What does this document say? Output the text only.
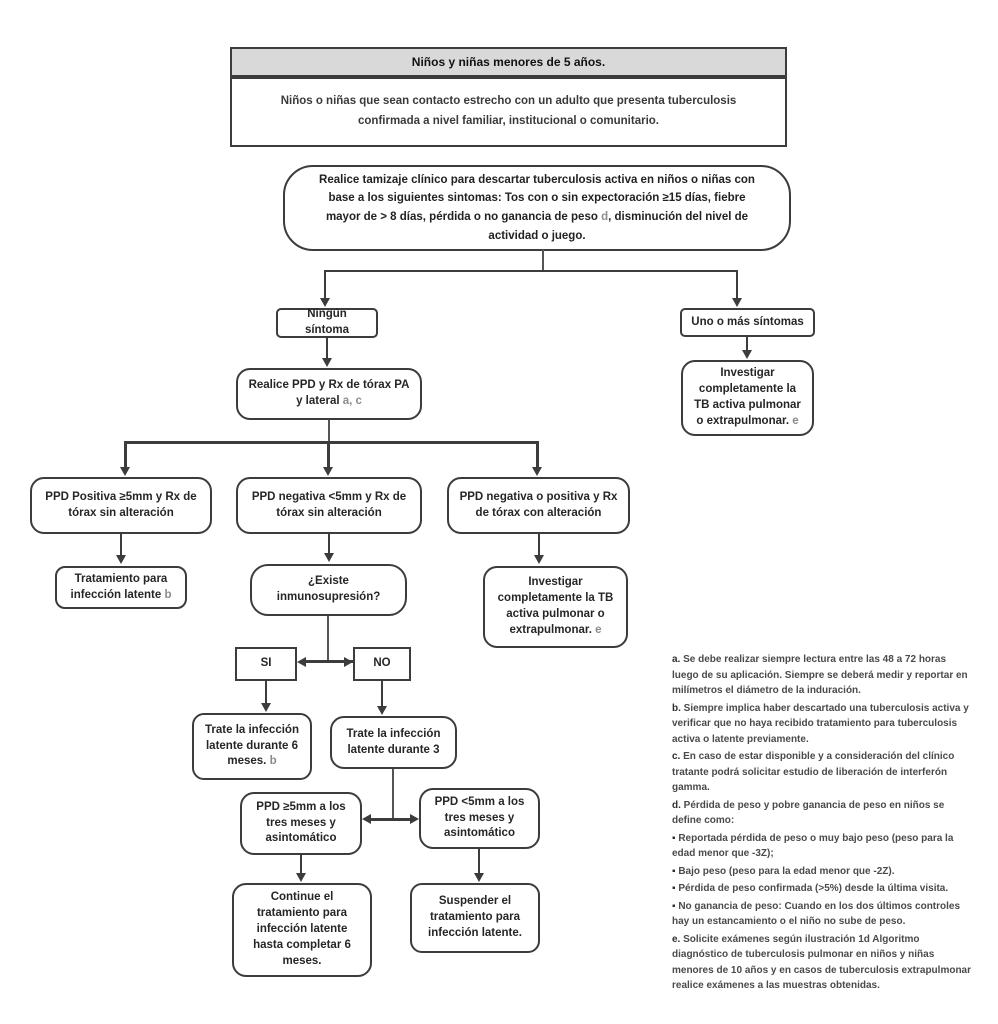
Niños y niñas menores de 5 años.
Niños o niñas que sean contacto estrecho con un adulto que presenta tuberculosis confirmada a nivel familiar, institucional o comunitario.
Realice tamizaje clínico para descartar tuberculosis activa en niños o niñas con base a los siguientes sintomas: Tos con o sin expectoración ≥15 días, fiebre mayor de > 8 días, pérdida o no ganancia de peso d, disminución del nivel de actividad o juego.
Ningún síntoma
Uno o más síntomas
Realice PPD y Rx de tórax PA y lateral a, c
Investigar completamente la TB activa pulmonar o extrapulmonar. e
PPD Positiva ≥5mm y Rx de tórax sin alteración
PPD negativa <5mm y Rx de tórax sin alteración
PPD negativa o positiva y Rx de tórax con alteración
Tratamiento para infección latente b
¿Existe inmunosupresión?
Investigar completamente la TB activa pulmonar o extrapulmonar. e
SI	NO
Trate la infección latente durante 6 meses. b
Trate la infección latente durante 3
PPD ≥5mm a los tres meses y asintomático
PPD <5mm a los tres meses y asintomático
Continue el tratamiento para infección latente hasta completar 6 meses.
Suspender el tratamiento para infección latente.
a. Se debe realizar siempre lectura entre las 48 a 72 horas luego de su aplicación. Siempre se deberá medir y reportar en milímetros el diámetro de la induración.
b. Siempre implica haber descartado una tuberculosis activa y verificar que no haya recibido tratamiento para tuberculosis activa o latente previamente.
c. En caso de estar disponible y a consideración del clínico tratante podrá solicitar estudio de liberación de interferón gamma.
d. Pérdida de peso y pobre ganancia de peso en niños se define como:
▪ Reportada pérdida de peso o muy bajo peso (peso para la edad menor que -3Z);
▪ Bajo peso (peso para la edad menor que -2Z).
▪ Pérdida de peso confirmada (>5%) desde la última visita.
▪ No ganancia de peso: Cuando en los dos últimos controles hay un estancamiento o el niño no sube de peso.
e. Solicite exámenes según ilustración 1d Algoritmo diagnóstico de tuberculosis pulmonar en niños y niñas menores de 10 años y en casos de tuberculosis extrapulmonar realice exámenes a las muestras obtenidas.
